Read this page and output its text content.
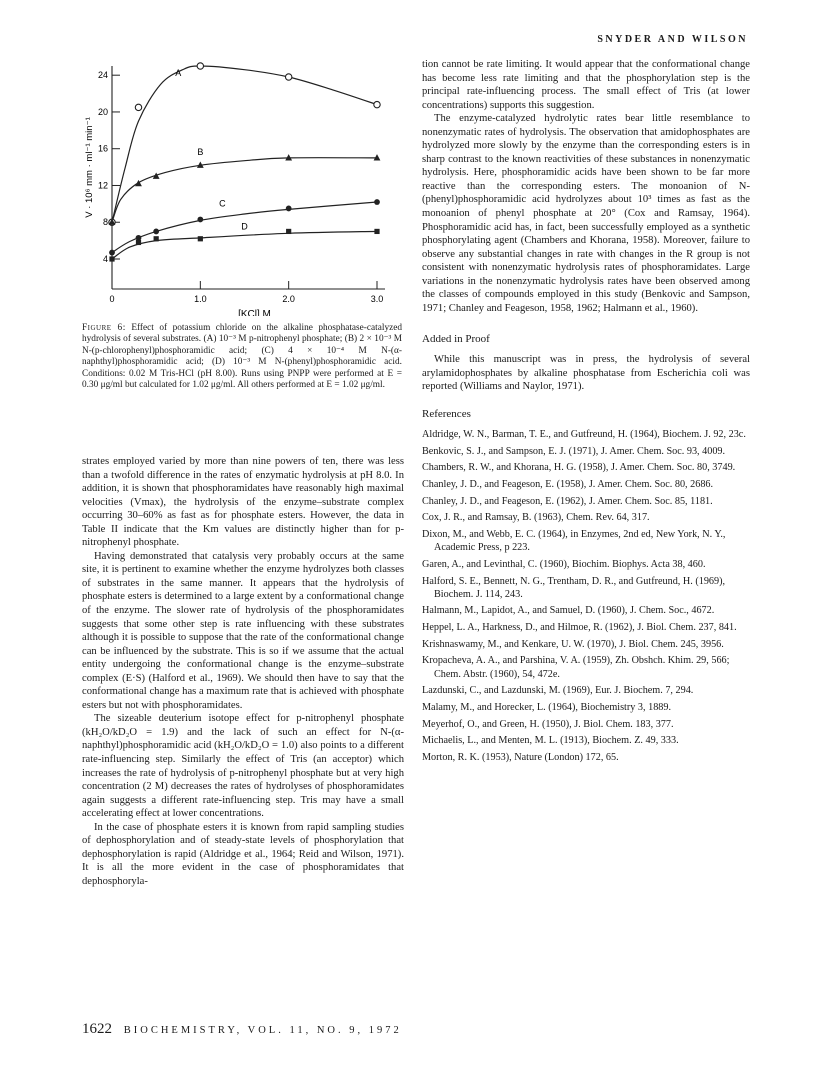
SNYDER AND WILSON
4
8
12
16
20
24
0	1.0	2.0	3.0
[KCl] M
V · 10⁶ mm · ml⁻¹ min⁻¹
A
B
C
D
Figure 6: Effect of potassium chloride on the alkaline phosphatase-catalyzed hydrolysis of several substrates. (A) 10⁻³ M p-nitrophenyl phosphate; (B) 2 × 10⁻³ M N-(p-chlorophenyl)phosphoramidic acid; (C) 4 × 10⁻⁴ M N-(α-naphthyl)phosphoramidic acid; (D) 10⁻³ M N-(phenyl)phosphoramidic acid. Conditions: 0.02 M Tris-HCl (pH 8.00). Runs using PNPP were performed at E = 0.30 μg/ml but calculated for 1.02 μg/ml. All others performed at E = 1.02 μg/ml.

strates employed varied by more than nine powers of ten, there was less than a twofold difference in the rates of enzymatic hydrolysis at pH 8.0. In addition, it is shown that phosphoramidates have reasonably high maximal velocities (Vmax), the hydrolysis of the enzyme–substrate complex occurring 30–60% as fast as for phosphate esters. However, the data in Table II indicate that the Km values are distinctly higher than for p-nitrophenyl phosphate.

Having demonstrated that catalysis very probably occurs at the same site, it is pertinent to examine whether the enzyme hydrolyzes both classes of substrates in the same manner. It appears that the hydrolysis of phosphate esters is determined to a large extent by a conformational change of the enzyme. The slower rate of hydrolysis of the phosphoramidates suggests that some other step is rate influencing with these substrates although it is possible to suppose that the rate of the conformational change can be influenced by the substrate. This is so if we assume that the actual entity undergoing the conformational change is the enzyme–substrate complex (E·S) (Halford et al., 1969). We should then have to say that the conformational change has a maximum rate that is achieved with phosphate esters but not with phosphoramidates.

The sizeable deuterium isotope effect for p-nitrophenyl phosphate (kH₂O/kD₂O = 1.9) and the lack of such an effect for N-(α-naphthyl)phosphoramidic acid (kH₂O/kD₂O = 1.0) also points to a different rate-influencing step. Similarly the effect of Tris (an acceptor) which increases the rate of hydrolysis of p-nitrophenyl phosphate but at very high concentration (2 M) decreases the rates of hydrolyses of phosphoramidates again suggests a different rate-influencing step. Tris may have a small accelerating effect at lower concentrations.

In the case of phosphate esters it is known from rapid sampling studies of dephosphorylation and of steady-state levels of phosphorylation that dephosphorylation is rapid (Aldridge et al., 1964; Reid and Wilson, 1971). It is all the more evident in the case of phosphoramidates that dephosphoryla-

tion cannot be rate limiting. It would appear that the conformational change has become less rate limiting and that the phosphorylation step is the principal rate-influencing process. The small effect of Tris (at lower concentrations) supports this suggestion.

The enzyme-catalyzed hydrolytic rates bear little resemblance to nonenzymatic rates of hydrolysis. The observation that amidophosphates are hydrolyzed more slowly by the enzyme than the corresponding esters is in sharp contrast to the known reactivities of these substances in nonenzymatic hydrolysis. Here, phosphoramidic acids have been shown to be far more reactive than the corresponding esters. The monoanion of N-(phenyl)phosphoramidic acid hydrolyzes about 10³ times as fast as the monoanion of phenyl phosphate at 20° (Cox and Ramsay, 1964). Phosphoramidic acid has, in fact, been successfully employed as a synthetic phosphorylating agent (Chambers and Khorana, 1958). Moreover, failure to observe any substantial changes in rate with changes in the R group is not consistent with nonenzymatic hydrolysis rates of phosphoramidates. Large variations in the nonenzymatic hydrolysis rates have been observed among the classes of compounds employed in this study (Benkovic and Sampson, 1971; Chanley and Feageson, 1958, 1962; Halmann et al., 1960).

Added in Proof

While this manuscript was in press, the hydrolysis of several arylamidophosphates by alkaline phosphatase from Escherichia coli was reported (Williams and Naylor, 1971).

References
Aldridge, W. N., Barman, T. E., and Gutfreund, H. (1964), Biochem. J. 92, 23c.
Benkovic, S. J., and Sampson, E. J. (1971), J. Amer. Chem. Soc. 93, 4009.
Chambers, R. W., and Khorana, H. G. (1958), J. Amer. Chem. Soc. 80, 3749.
Chanley, J. D., and Feageson, E. (1958), J. Amer. Chem. Soc. 80, 2686.
Chanley, J. D., and Feageson, E. (1962), J. Amer. Chem. Soc. 85, 1181.
Cox, J. R., and Ramsay, B. (1963), Chem. Rev. 64, 317.
Dixon, M., and Webb, E. C. (1964), in Enzymes, 2nd ed, New York, N. Y., Academic Press, p 223.
Garen, A., and Levinthal, C. (1960), Biochim. Biophys. Acta 38, 460.
Halford, S. E., Bennett, N. G., Trentham, D. R., and Gutfreund, H. (1969), Biochem. J. 114, 243.
Halmann, M., Lapidot, A., and Samuel, D. (1960), J. Chem. Soc., 4672.
Heppel, L. A., Harkness, D., and Hilmoe, R. (1962), J. Biol. Chem. 237, 841.
Krishnaswamy, M., and Kenkare, U. W. (1970), J. Biol. Chem. 245, 3956.
Kropacheva, A. A., and Parshina, V. A. (1959), Zh. Obshch. Khim. 29, 566; Chem. Abstr. (1960), 54, 472e.
Lazdunski, C., and Lazdunski, M. (1969), Eur. J. Biochem. 7, 294.
Malamy, M., and Horecker, L. (1964), Biochemistry 3, 1889.
Meyerhof, O., and Green, H. (1950), J. Biol. Chem. 183, 377.
Michaelis, L., and Menten, M. L. (1913), Biochem. Z. 49, 333.
Morton, R. K. (1953), Nature (London) 172, 65.
1622 BIOCHEMISTRY, VOL. 11, NO. 9, 1972
